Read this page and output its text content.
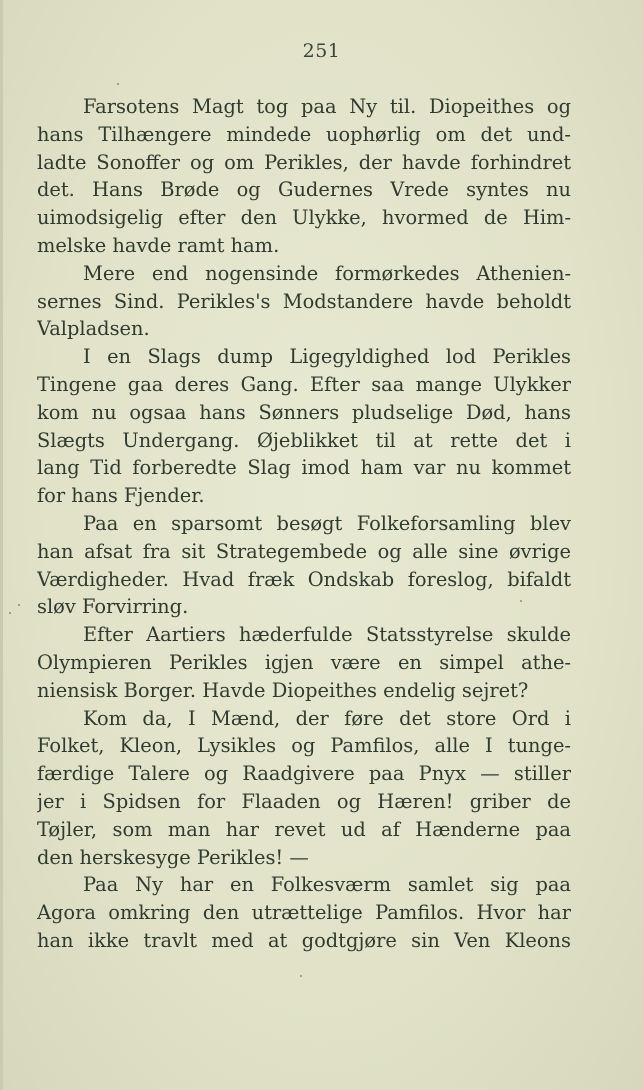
251
Farsotens Magt tog paa Ny til. Diopeithes og
hans Tilhængere mindede uophørlig om det und-
ladte Sonoffer og om Perikles, der havde forhindret
det. Hans Brøde og Gudernes Vrede syntes nu
uimodsigelig efter den Ulykke, hvormed de Him-
melske havde ramt ham.
Mere end nogensinde formørkedes Athenien-
sernes Sind. Perikles's Modstandere havde beholdt
Valpladsen.
I en Slags dump Ligegyldighed lod Perikles
Tingene gaa deres Gang. Efter saa mange Ulykker
kom nu ogsaa hans Sønners pludselige Død, hans
Slægts Undergang. Øjeblikket til at rette det i
lang Tid forberedte Slag imod ham var nu kommet
for hans Fjender.
Paa en sparsomt besøgt Folkeforsamling blev
han afsat fra sit Strategembede og alle sine øvrige
Værdigheder. Hvad fræk Ondskab foreslog, bifaldt
sløv Forvirring.
Efter Aartiers hæderfulde Statsstyrelse skulde
Olympieren Perikles igjen være en simpel athe-
niensisk Borger. Havde Diopeithes endelig sejret?
Kom da, I Mænd, der føre det store Ord i
Folket, Kleon, Lysikles og Pamfilos, alle I tunge-
færdige Talere og Raadgivere paa Pnyx — stiller
jer i Spidsen for Flaaden og Hæren! griber de
Tøjler, som man har revet ud af Hænderne paa
den herskesyge Perikles! —
Paa Ny har en Folkesværm samlet sig paa
Agora omkring den utrættelige Pamfilos. Hvor har
han ikke travlt med at godtgjøre sin Ven Kleons
